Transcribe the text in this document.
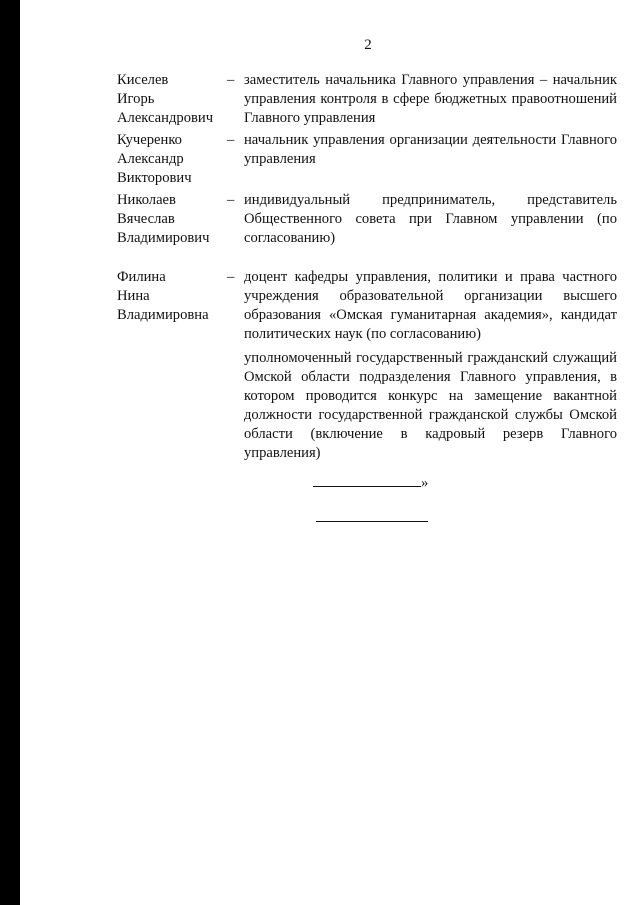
2
Киселев
Игорь
Александрович
– заместитель начальника Главного управления – начальник управления контроля в сфере бюджетных правоотношений Главного управления
Кучеренко
Александр
Викторович
– начальник управления организации деятельности Главного управления
Николаев
Вячеслав
Владимирович
– индивидуальный предприниматель, представитель Общественного совета при Главном управлении (по согласованию)
Филина
Нина
Владимировна
– доцент кафедры управления, политики и права частного учреждения образовательной организации высшего образования «Омская гуманитарная академия», кандидат политических наук (по согласованию)
уполномоченный государственный гражданский служащий Омской области подразделения Главного управления, в котором проводится конкурс на замещение вакантной должности государственной гражданской службы Омской области (включение в кадровый резерв Главного управления)
»
